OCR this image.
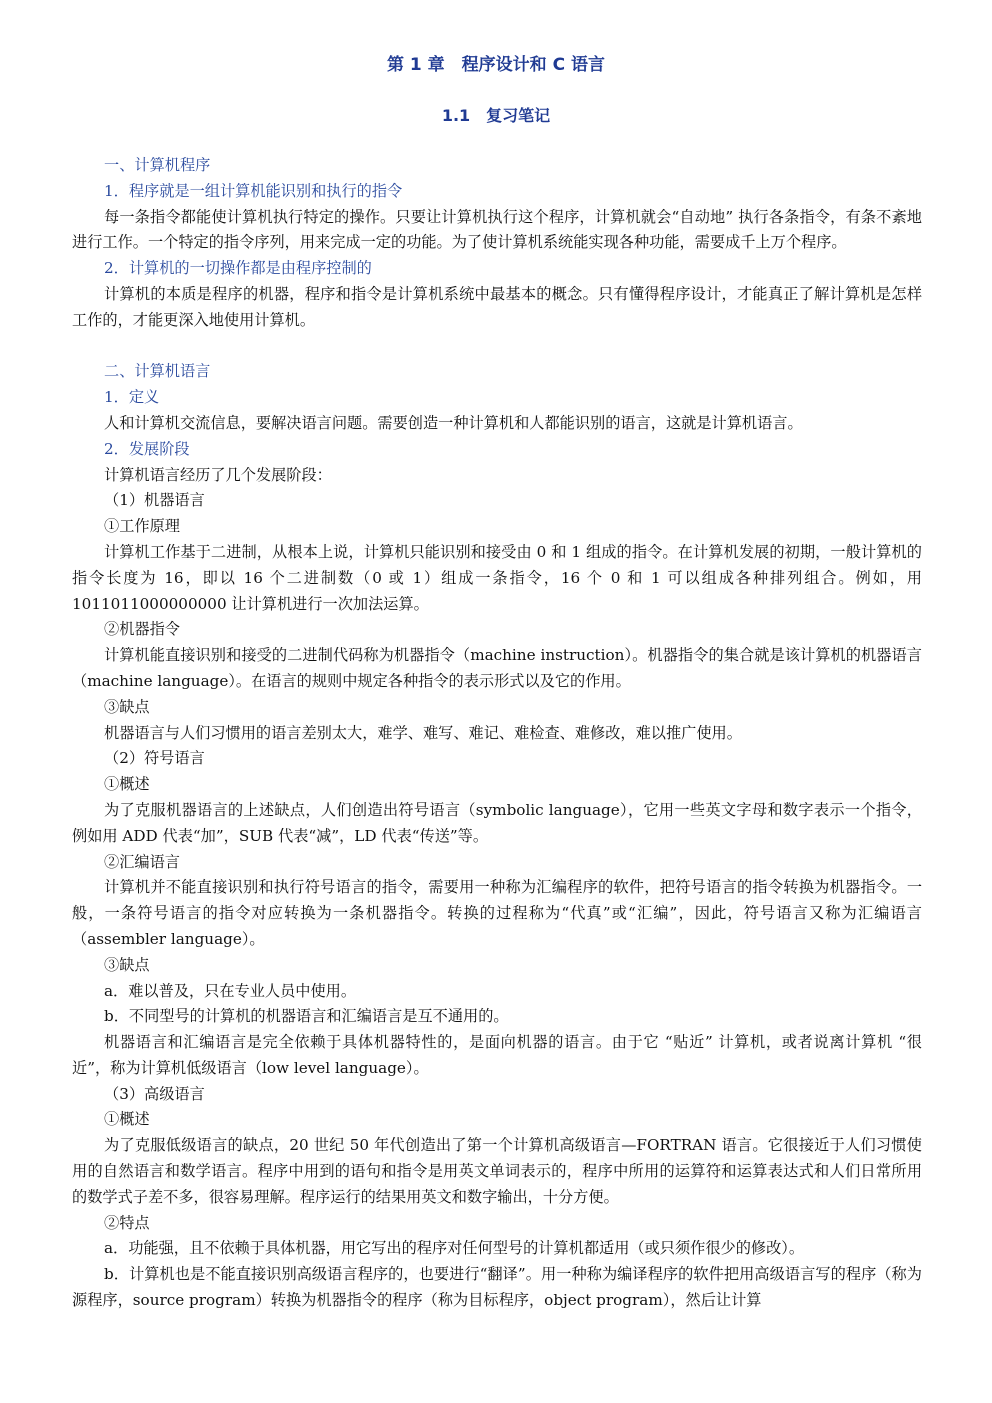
第 1 章　程序设计和 C 语言
1.1　复习笔记

一、计算机程序

1．程序就是一组计算机能识别和执行的指令

每一条指令都能使计算机执行特定的操作。只要让计算机执行这个程序，计算机就会“自动地” 执行各条指令，有条不紊地进行工作。一个特定的指令序列，用来完成一定的功能。为了使计算机系统能实现各种功能，需要成千上万个程序。

2．计算机的一切操作都是由程序控制的

计算机的本质是程序的机器，程序和指令是计算机系统中最基本的概念。只有懂得程序设计，才能真正了解计算机是怎样工作的，才能更深入地使用计算机。

二、计算机语言

1．定义

人和计算机交流信息，要解决语言问题。需要创造一种计算机和人都能识别的语言，这就是计算机语言。

2．发展阶段

计算机语言经历了几个发展阶段：

（1）机器语言

①工作原理

计算机工作基于二进制，从根本上说，计算机只能识别和接受由 0 和 1 组成的指令。在计算机发展的初期，一般计算机的指令长度为 16，即以 16 个二进制数（0 或 1）组成一条指令，16 个 0 和 1 可以组成各种排列组合。例如，用 1011011000000000 让计算机进行一次加法运算。

②机器指令

计算机能直接识别和接受的二进制代码称为机器指令（machine instruction）。机器指令的集合就是该计算机的机器语言（machine language）。在语言的规则中规定各种指令的表示形式以及它的作用。

③缺点

机器语言与人们习惯用的语言差别太大，难学、难写、难记、难检查、难修改，难以推广使用。

（2）符号语言

①概述

为了克服机器语言的上述缺点，人们创造出符号语言（symbolic language），它用一些英文字母和数字表示一个指令，例如用 ADD 代表“加”，SUB 代表“减”，LD 代表“传送”等。

②汇编语言

计算机并不能直接识别和执行符号语言的指令，需要用一种称为汇编程序的软件，把符号语言的指令转换为机器指令。一般，一条符号语言的指令对应转换为一条机器指令。转换的过程称为“代真”或“汇编”，因此，符号语言又称为汇编语言（assembler language）。

③缺点

a．难以普及，只在专业人员中使用。

b．不同型号的计算机的机器语言和汇编语言是互不通用的。

机器语言和汇编语言是完全依赖于具体机器特性的，是面向机器的语言。由于它 “贴近” 计算机，或者说离计算机 “很近”，称为计算机低级语言（low level language）。

（3）高级语言

①概述

为了克服低级语言的缺点，20 世纪 50 年代创造出了第一个计算机高级语言—FORTRAN 语言。它很接近于人们习惯使用的自然语言和数学语言。程序中用到的语句和指令是用英文单词表示的，程序中所用的运算符和运算表达式和人们日常所用的数学式子差不多，很容易理解。程序运行的结果用英文和数字输出，十分方便。

②特点

a．功能强，且不依赖于具体机器，用它写出的程序对任何型号的计算机都适用（或只须作很少的修改）。

b．计算机也是不能直接识别高级语言程序的，也要进行“翻译”。用一种称为编译程序的软件把用高级语言写的程序（称为源程序，source program）转换为机器指令的程序（称为目标程序，object program），然后让计算
